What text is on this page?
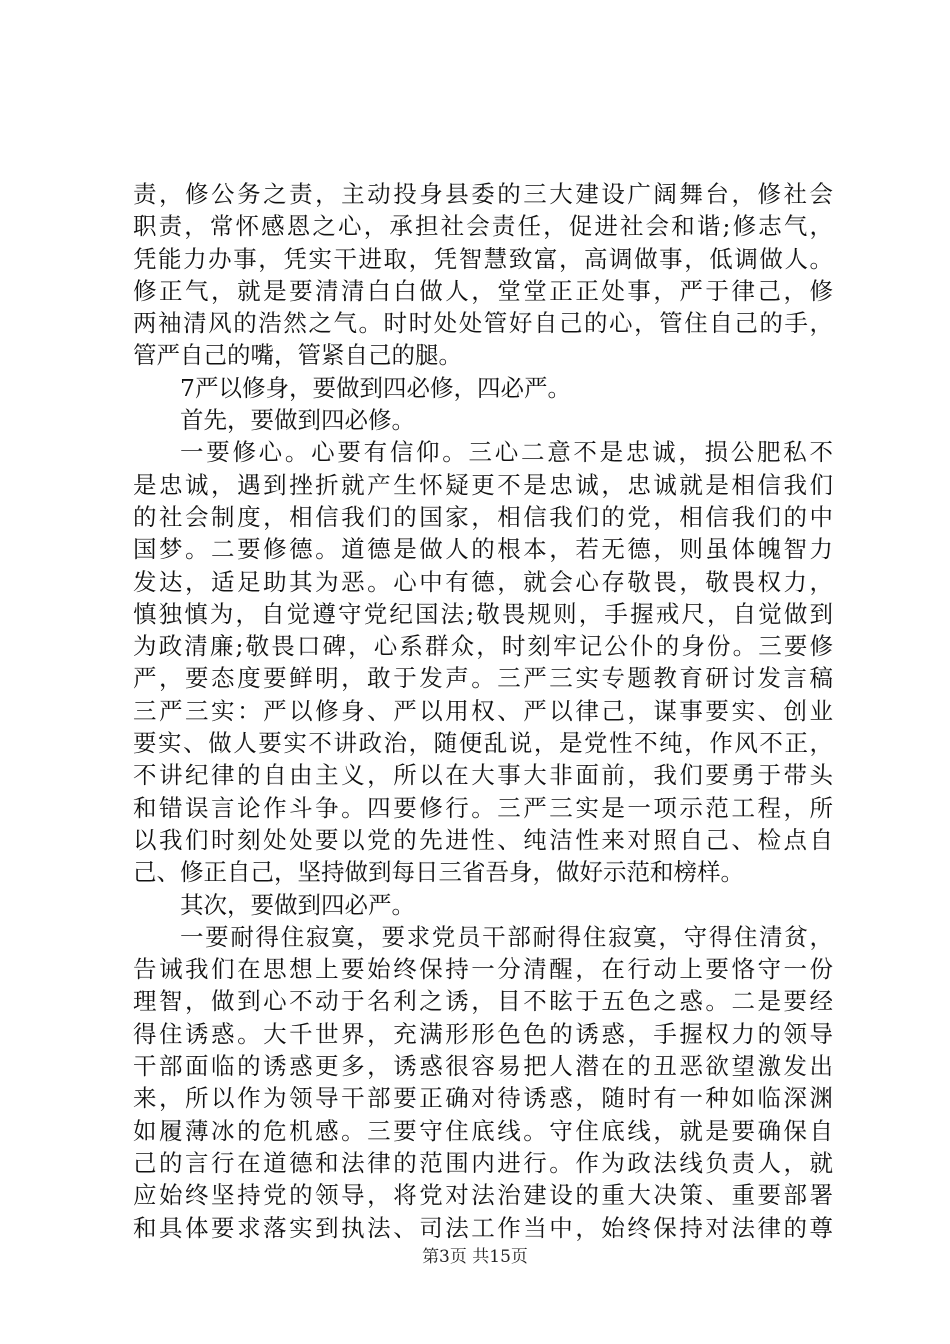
责，修公务之责，主动投身县委的三大建设广阔舞台，修社会
职责，常怀感恩之心，承担社会责任，促进社会和谐;修志气，
凭能力办事，凭实干进取，凭智慧致富，高调做事，低调做人。
修正气，就是要清清白白做人，堂堂正正处事，严于律己，修
两袖清风的浩然之气。时时处处管好自己的心，管住自己的手，
管严自己的嘴，管紧自己的腿。
7严以修身，要做到四必修，四必严。
首先，要做到四必修。
一要修心。心要有信仰。三心二意不是忠诚，损公肥私不
是忠诚，遇到挫折就产生怀疑更不是忠诚，忠诚就是相信我们
的社会制度，相信我们的国家，相信我们的党，相信我们的中
国梦。二要修德。道德是做人的根本，若无德，则虽体魄智力
发达，适足助其为恶。心中有德，就会心存敬畏，敬畏权力，
慎独慎为，自觉遵守党纪国法;敬畏规则，手握戒尺，自觉做到
为政清廉;敬畏口碑，心系群众，时刻牢记公仆的身份。三要修
严，要态度要鲜明，敢于发声。三严三实专题教育研讨发言稿
三严三实：严以修身、严以用权、严以律己，谋事要实、创业
要实、做人要实不讲政治，随便乱说，是党性不纯，作风不正，
不讲纪律的自由主义，所以在大事大非面前，我们要勇于带头
和错误言论作斗争。四要修行。三严三实是一项示范工程，所
以我们时刻处处要以党的先进性、纯洁性来对照自己、检点自
己、修正自己，坚持做到每日三省吾身，做好示范和榜样。
其次，要做到四必严。
一要耐得住寂寞，要求党员干部耐得住寂寞，守得住清贫，
告诫我们在思想上要始终保持一分清醒，在行动上要恪守一份
理智，做到心不动于名利之诱，目不眩于五色之惑。二是要经
得住诱惑。大千世界，充满形形色色的诱惑，手握权力的领导
干部面临的诱惑更多，诱惑很容易把人潜在的丑恶欲望激发出
来，所以作为领导干部要正确对待诱惑，随时有一种如临深渊
如履薄冰的危机感。三要守住底线。守住底线，就是要确保自
己的言行在道德和法律的范围内进行。作为政法线负责人，就
应始终坚持党的领导，将党对法治建设的重大决策、重要部署
和具体要求落实到执法、司法工作当中，始终保持对法律的尊
第3页 共15页
